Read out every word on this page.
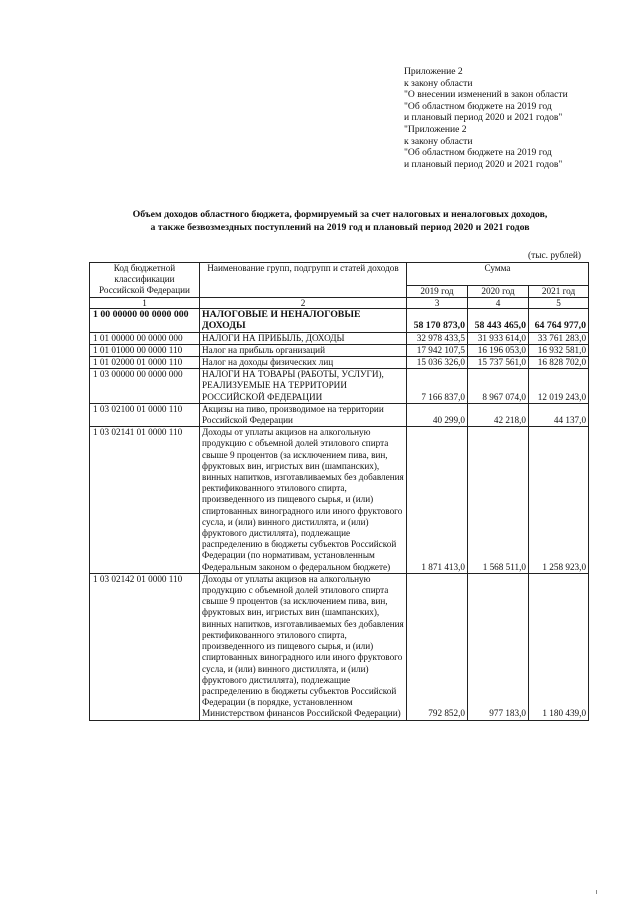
Приложение 2
к закону области
"О внесении изменений в закон области
"Об областном бюджете на 2019 год
и плановый период 2020 и 2021 годов"
"Приложение 2
к закону области
"Об областном бюджете на 2019 год
и плановый период 2020 и 2021 годов"
Объем доходов областного бюджета, формируемый за счет налоговых и неналоговых доходов,
а также безвозмездных поступлений на 2019 год и плановый период 2020 и 2021 годов
(тыс. рублей)
Код бюджетной классификации Российской Федерации	Наименование групп, подгрупп и статей доходов	Сумма		
		2019 год	2020 год	2021 год
1	2	3	4	5
1 00 00000 00 0000 000	НАЛОГОВЫЕ И НЕНАЛОГОВЫЕ ДОХОДЫ	58 170 873,0	58 443 465,0	64 764 977,0
1 01 00000 00 0000 000	НАЛОГИ НА ПРИБЫЛЬ, ДОХОДЫ	32 978 433,5	31 933 614,0	33 761 283,0
1 01 01000 00 0000 110	Налог на прибыль организаций	17 942 107,5	16 196 053,0	16 932 581,0
1 01 02000 01 0000 110	Налог на доходы физических лиц	15 036 326,0	15 737 561,0	16 828 702,0
1 03 00000 00 0000 000	НАЛОГИ НА ТОВАРЫ (РАБОТЫ, УСЛУГИ), РЕАЛИЗУЕМЫЕ НА ТЕРРИТОРИИ РОССИЙСКОЙ ФЕДЕРАЦИИ	7 166 837,0	8 967 074,0	12 019 243,0
1 03 02100 01 0000 110	Акцизы на пиво, производимое на территории Российской Федерации	40 299,0	42 218,0	44 137,0
1 03 02141 01 0000 110	Доходы от уплаты акцизов на алкогольную продукцию с объемной долей этилового спирта свыше 9 процентов (за исключением пива, вин, фруктовых вин, игристых вин (шампанских), винных напитков, изготавливаемых без добавления ректификованного этилового спирта, произведенного из пищевого сырья, и (или) спиртованных виноградного или иного фруктового сусла, и (или) винного дистиллята, и (или) фруктового дистиллята), подлежащие распределению в бюджеты субъектов Российской Федерации (по нормативам, установленным Федеральным законом о федеральном бюджете)	1 871 413,0	1 568 511,0	1 258 923,0
1 03 02142 01 0000 110	Доходы от уплаты акцизов на алкогольную продукцию с объемной долей этилового спирта свыше 9 процентов (за исключением пива, вин, фруктовых вин, игристых вин (шампанских), винных напитков, изготавливаемых без добавления ректификованного этилового спирта, произведенного из пищевого сырья, и (или) спиртованных виноградного или иного фруктового сусла, и (или) винного дистиллята, и (или) фруктового дистиллята), подлежащие распределению в бюджеты субъектов Российской Федерации (в порядке, установленном Министерством финансов Российской Федерации)	792 852,0	977 183,0	1 180 439,0
